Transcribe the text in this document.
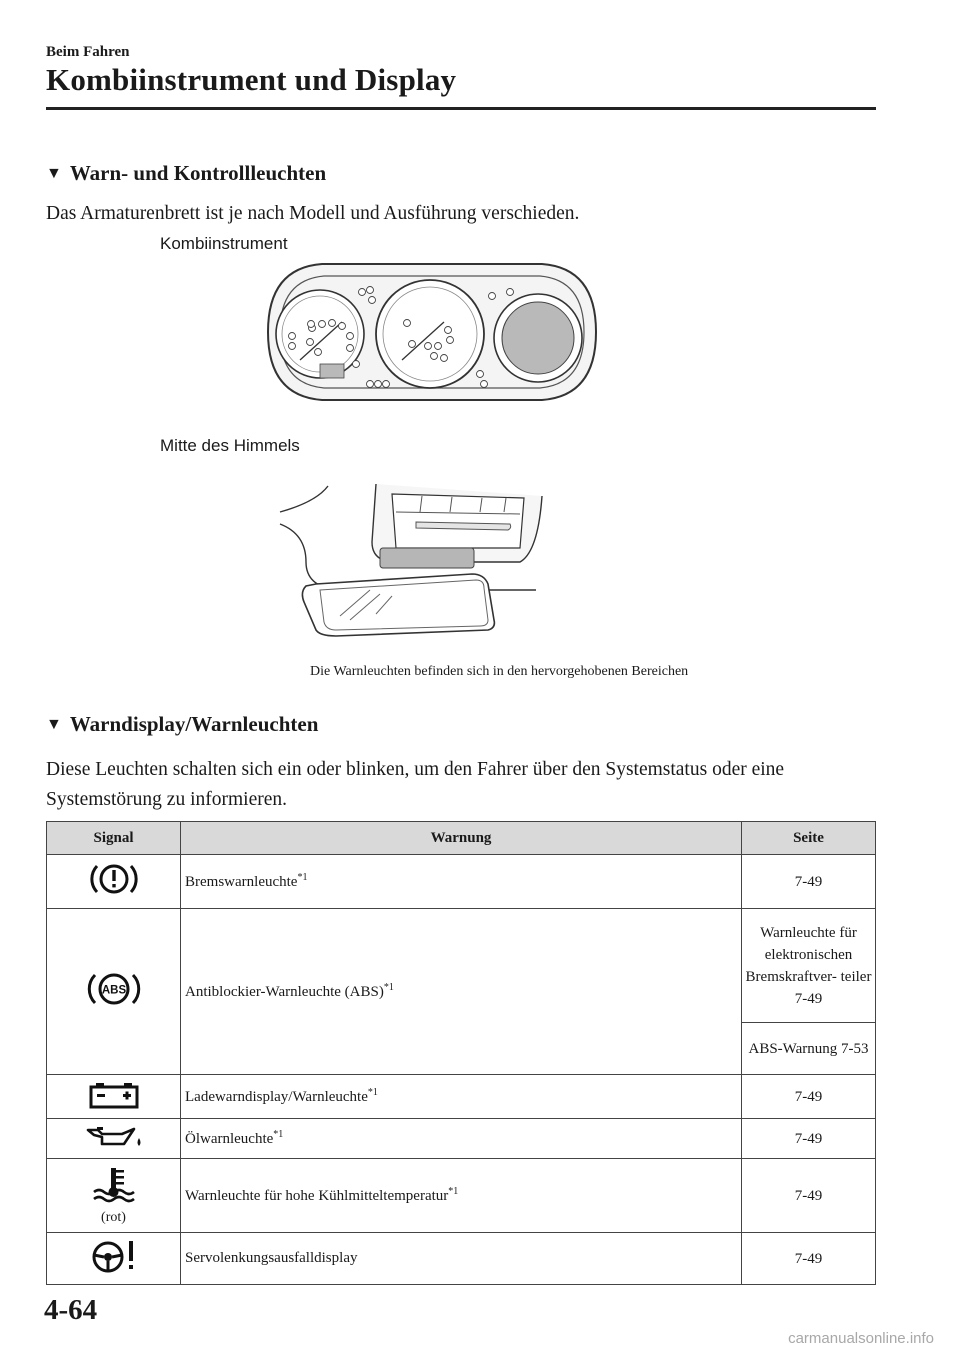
Beim Fahren
Kombiinstrument und Display
▼ Warn- und Kontrollleuchten
Das Armaturenbrett ist je nach Modell und Ausführung verschieden.
Kombiinstrument
Mitte des Himmels
Die Warnleuchten befinden sich in den hervorgehobenen Bereichen
▼ Warndisplay/Warnleuchten
Diese Leuchten schalten sich ein oder blinken, um den Fahrer über den Systemstatus oder eine Systemstörung zu informieren.
Signal	Warnung	Seite
	Bremswarnleuchte$^{*1}$	7-49

ABS	Antiblockier-Warnleuchte (ABS)$^{*1}$	Warnleuchte für elektronischen Bremskraftver- teiler 7-49
		ABS-Warnung 7-53
	Ladewarndisplay/Warnleuchte$^{*1}$	7-49
	Ölwarnleuchte$^{*1}$	7-49

(rot)	Warnleuchte für hohe Kühlmitteltemperatur$^{*1}$	7-49
	Servolenkungsausfalldisplay	7-49
4-64
carmanualsonline.info
